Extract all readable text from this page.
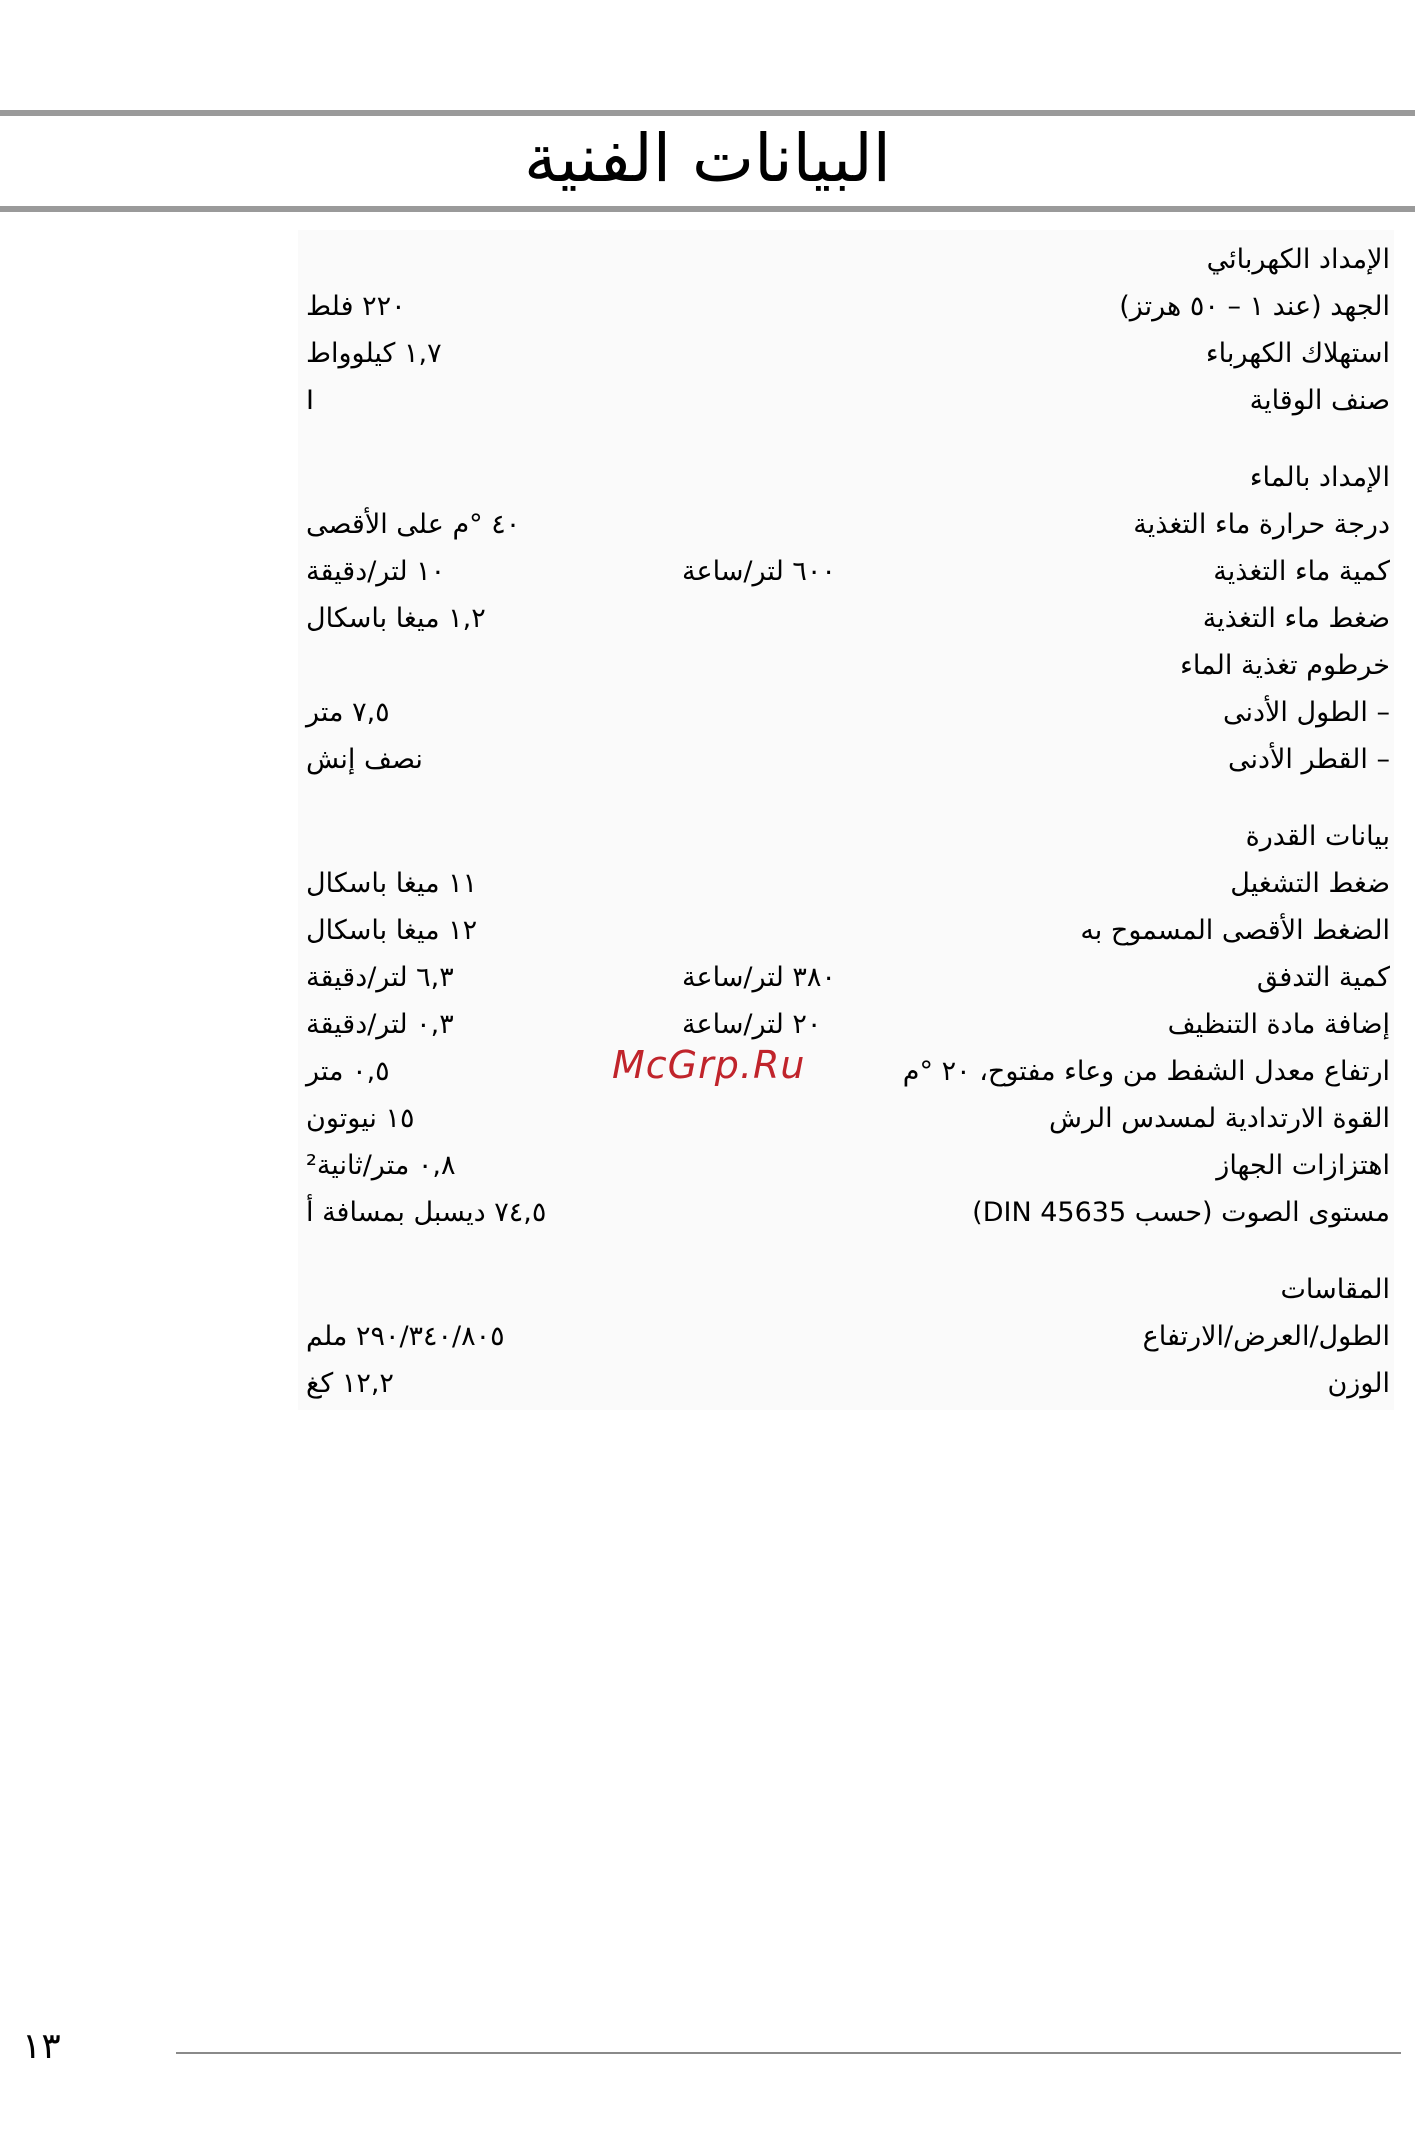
البيانات الفنية
الإمداد الكهربائي
الجهد (عند ١ – ٥٠ هرتز)
٢٢٠ فلط
استهلاك الكهرباء
١,٧ كيلوواط
صنف الوقاية
I
الإمداد بالماء
درجة حرارة ماء التغذية
٤٠ °م على الأقصى
كمية ماء التغذية
٦٠٠ لتر/ساعة
١٠ لتر/دقيقة
ضغط ماء التغذية
١,٢ ميغا باسكال
خرطوم تغذية الماء
– الطول الأدنى
٧,٥ متر
– القطر الأدنى
نصف إنش
بيانات القدرة
ضغط التشغيل
١١ ميغا باسكال
الضغط الأقصى المسموح به
١٢ ميغا باسكال
كمية التدفق
٣٨٠ لتر/ساعة
٦,٣ لتر/دقيقة
إضافة مادة التنظيف
٢٠ لتر/ساعة
٠,٣ لتر/دقيقة
ارتفاع معدل الشفط من وعاء مفتوح، ٢٠ °م
٠,٥ متر
القوة الارتدادية لمسدس الرش
١٥ نيوتون
اهتزازات الجهاز
٠,٨ متر/ثانية²
مستوى الصوت (حسب DIN 45635)
٧٤,٥ ديسبل بمسافة أ
المقاسات
الطول/العرض/الارتفاع
٢٩٠/٣٤٠/٨٠٥ ملم
الوزن
١٢,٢ كغ
McGrp.Ru
١٣
